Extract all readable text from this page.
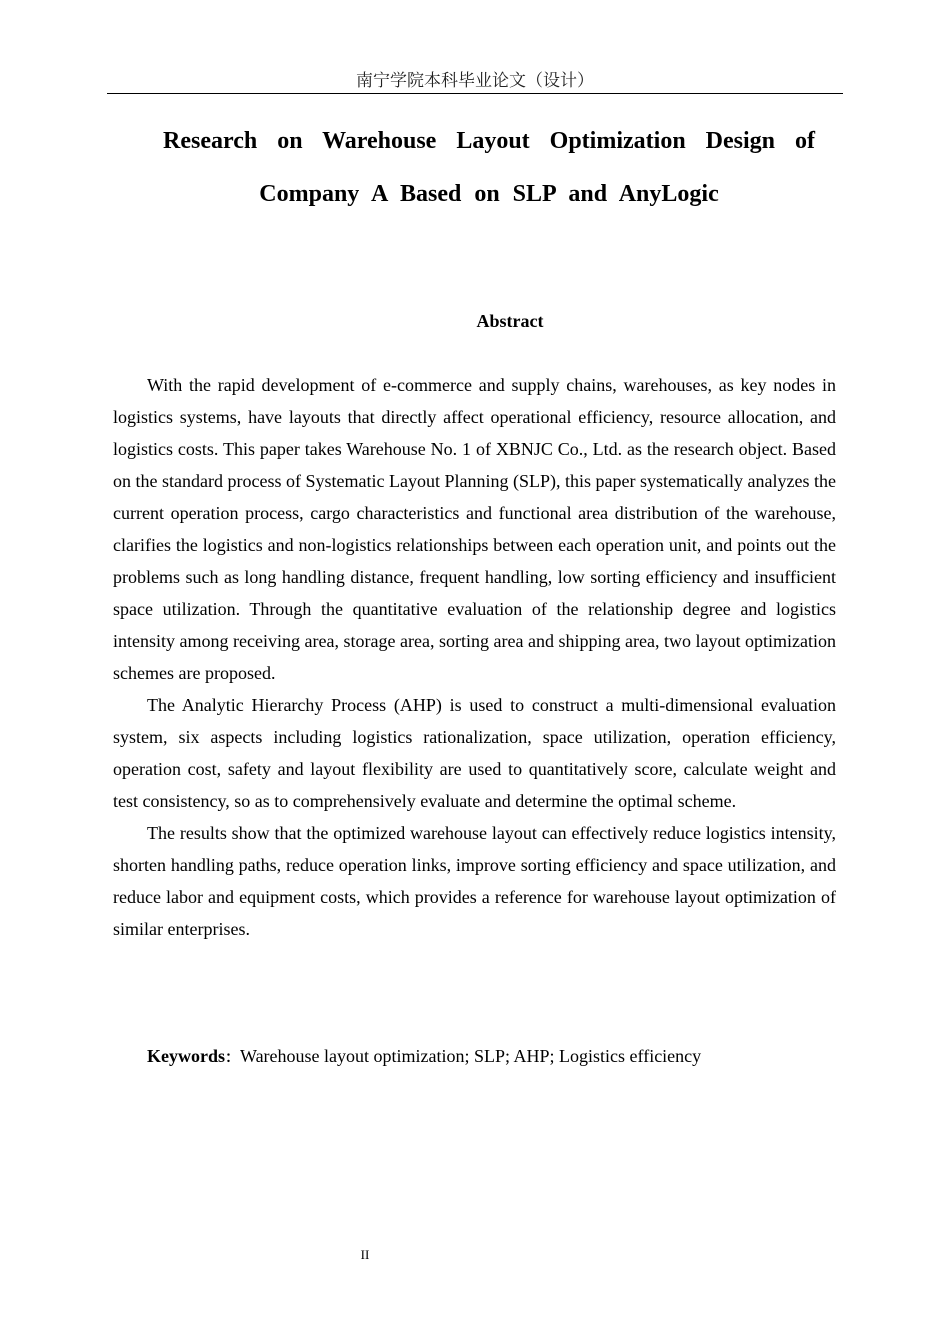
南宁学院本科毕业论文（设计）
Research on Warehouse Layout Optimization Design of
Company A Based on SLP and AnyLogic
Abstract

With the rapid development of e-commerce and supply chains, warehouses, as key nodes in logistics systems, have layouts that directly affect operational efficiency, resource allocation, and logistics costs. This paper takes Warehouse No. 1 of XBNJC Co., Ltd. as the research object. Based on the standard process of Systematic Layout Planning (SLP), this paper systematically analyzes the current operation process, cargo characteristics and functional area distribution of the warehouse, clarifies the logistics and non-logistics relationships between each operation unit, and points out the problems such as long handling distance, frequent handling, low sorting efficiency and insufficient space utilization. Through the quantitative evaluation of the relationship degree and logistics intensity among receiving area, storage area, sorting area and shipping area, two layout optimization schemes are proposed.

The Analytic Hierarchy Process (AHP) is used to construct a multi-dimensional evaluation system, six aspects including logistics rationalization, space utilization, operation efficiency, operation cost, safety and layout flexibility are used to quantitatively score, calculate weight and test consistency, so as to comprehensively evaluate and determine the optimal scheme.

The results show that the optimized warehouse layout can effectively reduce logistics intensity, shorten handling paths, reduce operation links, improve sorting efficiency and space utilization, and reduce labor and equipment costs, which provides a reference for warehouse layout optimization of similar enterprises.

Keywords：Warehouse layout optimization; SLP; AHP; Logistics efficiency
II
